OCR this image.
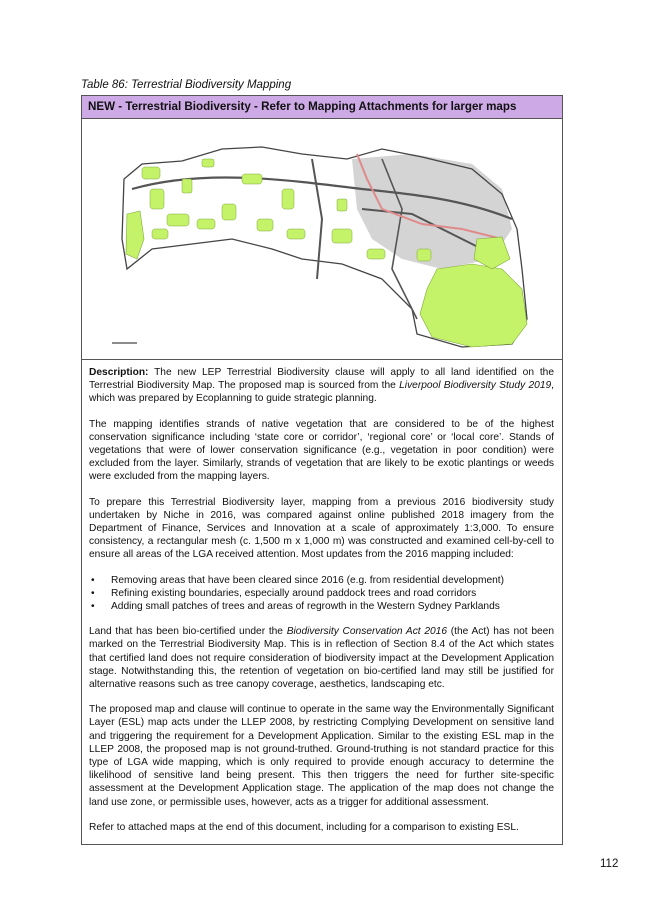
Table 86: Terrestrial Biodiversity Mapping
NEW - Terrestrial Biodiversity - Refer to Mapping Attachments for larger maps

Description: The new LEP Terrestrial Biodiversity clause will apply to all land identified on the Terrestrial Biodiversity Map. The proposed map is sourced from the Liverpool Biodiversity Study 2019, which was prepared by Ecoplanning to guide strategic planning.

The mapping identifies strands of native vegetation that are considered to be of the highest conservation significance including ‘state core or corridor’, ‘regional core’ or ‘local core’. Stands of vegetations that were of lower conservation significance (e.g., vegetation in poor condition) were excluded from the layer. Similarly, strands of vegetation that are likely to be exotic plantings or weeds were excluded from the mapping layers.

To prepare this Terrestrial Biodiversity layer, mapping from a previous 2016 biodiversity study undertaken by Niche in 2016, was compared against online published 2018 imagery from the Department of Finance, Services and Innovation at a scale of approximately 1:3,000. To ensure consistency, a rectangular mesh (c. 1,500 m x 1,000 m) was constructed and examined cell-by-cell to ensure all areas of the LGA received attention. Most updates from the 2016 mapping included:

• Removing areas that have been cleared since 2016 (e.g. from residential development)
• Refining existing boundaries, especially around paddock trees and road corridors
• Adding small patches of trees and areas of regrowth in the Western Sydney Parklands

Land that has been bio-certified under the Biodiversity Conservation Act 2016 (the Act) has not been marked on the Terrestrial Biodiversity Map. This is in reflection of Section 8.4 of the Act which states that certified land does not require consideration of biodiversity impact at the Development Application stage. Notwithstanding this, the retention of vegetation on bio-certified land may still be justified for alternative reasons such as tree canopy coverage, aesthetics, landscaping etc.

The proposed map and clause will continue to operate in the same way the Environmentally Significant Layer (ESL) map acts under the LLEP 2008, by restricting Complying Development on sensitive land and triggering the requirement for a Development Application. Similar to the existing ESL map in the LLEP 2008, the proposed map is not ground-truthed. Ground-truthing is not standard practice for this type of LGA wide mapping, which is only required to provide enough accuracy to determine the likelihood of sensitive land being present. This then triggers the need for further site-specific assessment at the Development Application stage. The application of the map does not change the land use zone, or permissible uses, however, acts as a trigger for additional assessment.

Refer to attached maps at the end of this document, including for a comparison to existing ESL.

112
